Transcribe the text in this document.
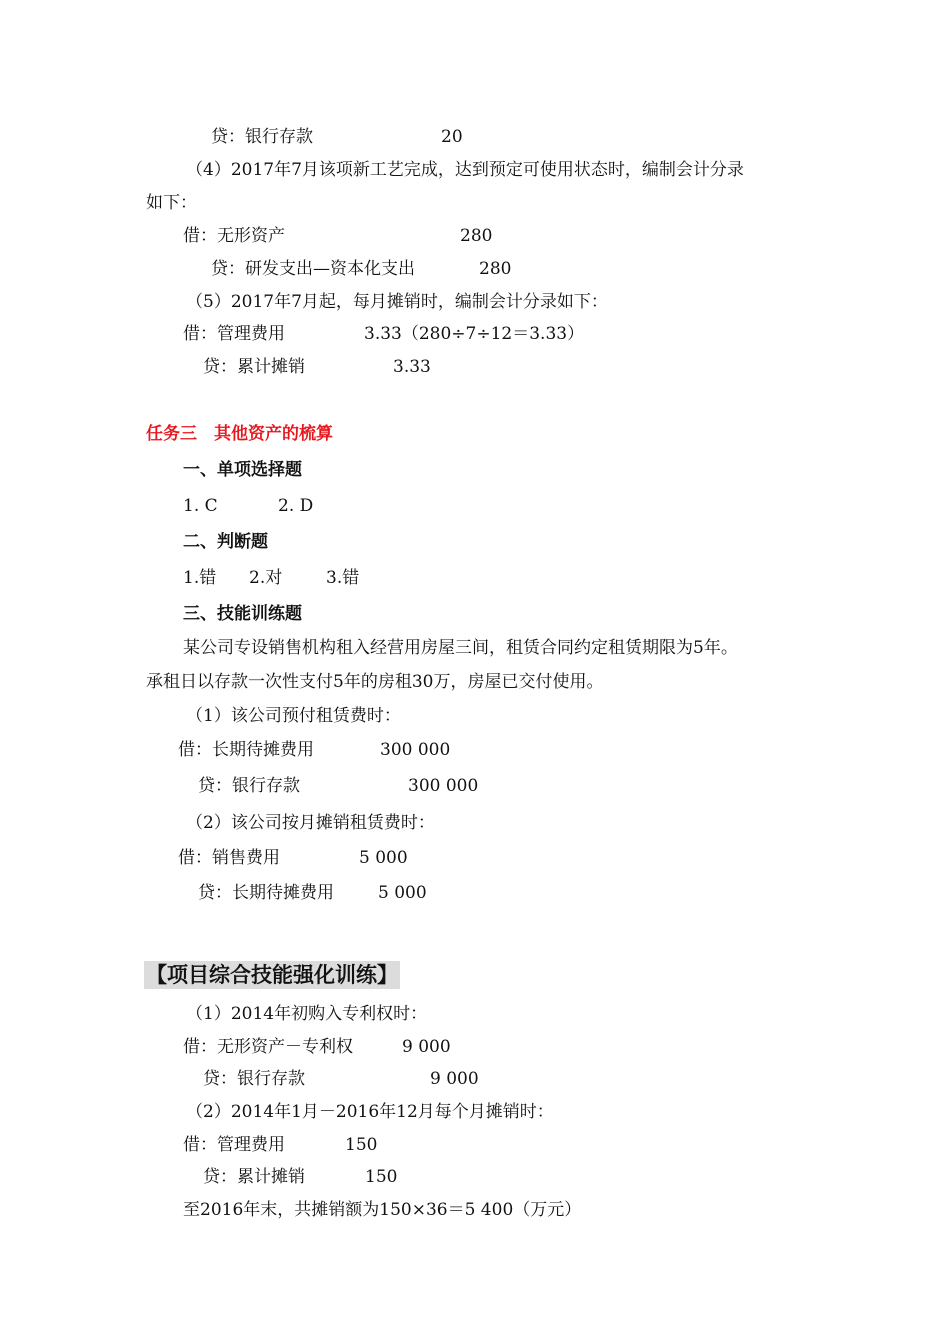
贷：银行存款	20
（4）2017年7月该项新工艺完成，达到预定可使用状态时，编制会计分录
如下：
借：无形资产	280
贷：研发支出—资本化支出	280
（5）2017年7月起，每月摊销时，编制会计分录如下：
借：管理费用	3.33（280÷7÷12＝3.33）
贷：累计摊销	3.33
任务三　其他资产的梳算
一、单项选择题
1. C	2. D
二、判断题
1.错 2.对	3.错
三、技能训练题
某公司专设销售机构租入经营用房屋三间，租赁合同约定租赁期限为5年。
承租日以存款一次性支付5年的房租30万，房屋已交付使用。
（1）该公司预付租赁费时：
借：长期待摊费用	300 000
贷：银行存款	300 000
（2）该公司按月摊销租赁费时：
借：销售费用	5 000
贷：长期待摊费用	5 000
【项目综合技能强化训练】
（1）2014年初购入专利权时：
借：无形资产－专利权	9 000
贷：银行存款	9 000
（2）2014年1月－2016年12月每个月摊销时：
借：管理费用	150
贷：累计摊销	150
至2016年末，共摊销额为150×36＝5 400（万元）
